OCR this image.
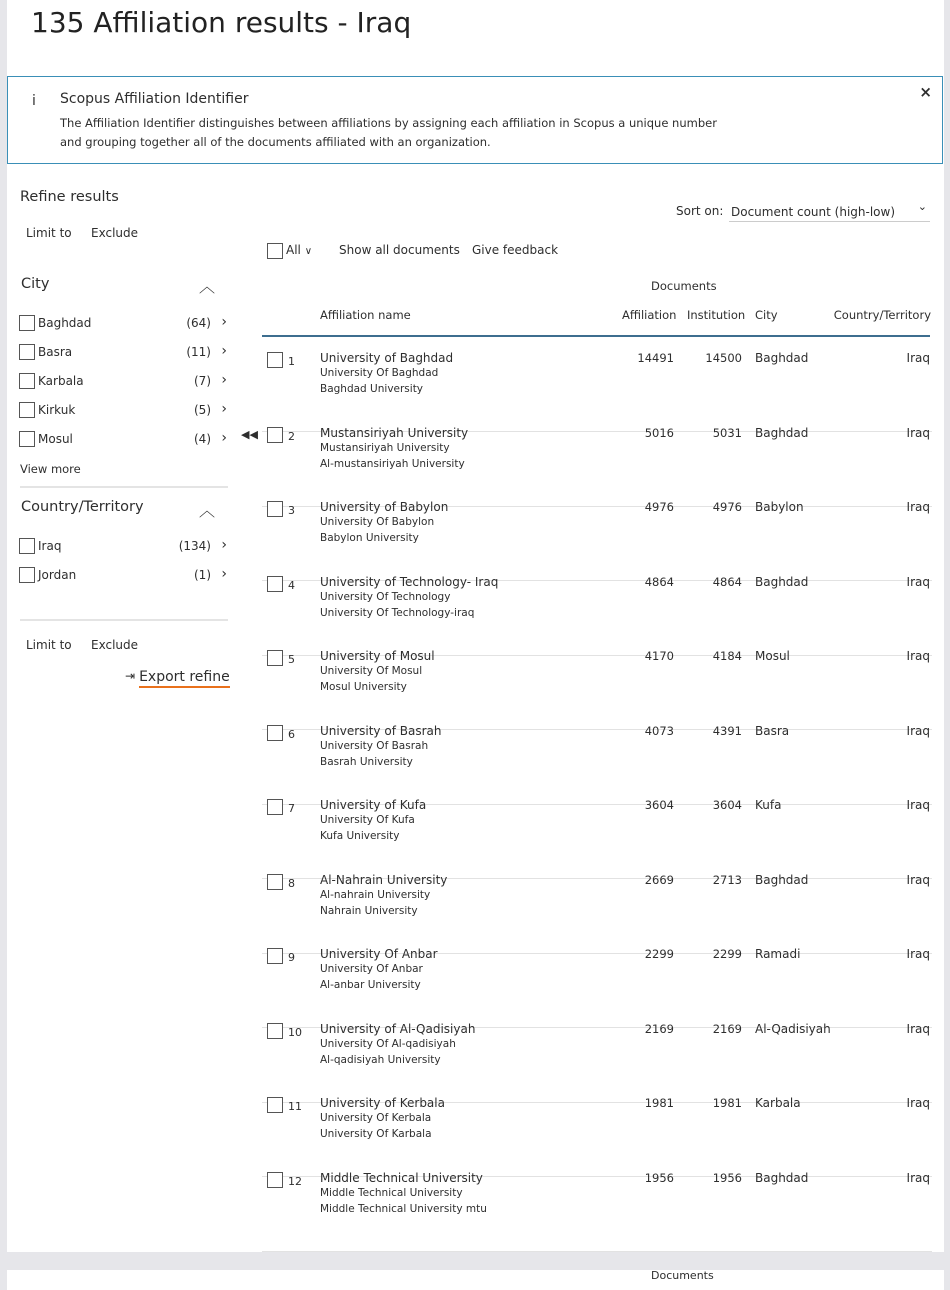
Documents
135 Affiliation results - Iraq
i Scopus Affiliation Identifier
The Affiliation Identifier distinguishes between affiliations by assigning each affiliation in Scopus a unique number and grouping together all of the documents affiliated with an organization.
×
Refine results
Limit to Exclude
City	︿
Baghdad	(64) ›
Basra	(11) ›
Karbala	(7) ›
Kirkuk	(5) ›
Mosul	(4) ›
View more
Country/Territory	︿
Iraq	(134) ›
Jordan	(1) ›
Limit to Exclude
⇥ Export refine
◀◀
Sort on: Document count (high-low) ⌄
All ∨ Show all documents Give feedback
Documents
Affiliation name	Affiliation Institution City	Country/Territory
1 University of Baghdad
University Of Baghdad
Baghdad University
14491	14500 Baghdad	Iraq
2 Mustansiriyah University
Mustansiriyah University
Al-mustansiriyah University
5016	5031 Baghdad	Iraq
3 University of Babylon
University Of Babylon
Babylon University
4976	4976 Babylon	Iraq
4 University of Technology- Iraq
University Of Technology
University Of Technology-iraq
4864	4864 Baghdad	Iraq
5 University of Mosul
University Of Mosul
Mosul University
4170	4184 Mosul	Iraq
6 University of Basrah
University Of Basrah
Basrah University
4073	4391 Basra	Iraq
7 University of Kufa
University Of Kufa
Kufa University
3604	3604 Kufa	Iraq
8 Al-Nahrain University
Al-nahrain University
Nahrain University
2669	2713 Baghdad	Iraq
9 University Of Anbar
University Of Anbar
Al-anbar University
2299	2299 Ramadi	Iraq
10 University of Al-Qadisiyah
University Of Al-qadisiyah
Al-qadisiyah University
2169	2169 Al-Qadisiyah	Iraq
11 University of Kerbala
University Of Kerbala
University Of Karbala
1981	1981 Karbala	Iraq
12 Middle Technical University
Middle Technical University
Middle Technical University mtu
1956	1956 Baghdad	Iraq
